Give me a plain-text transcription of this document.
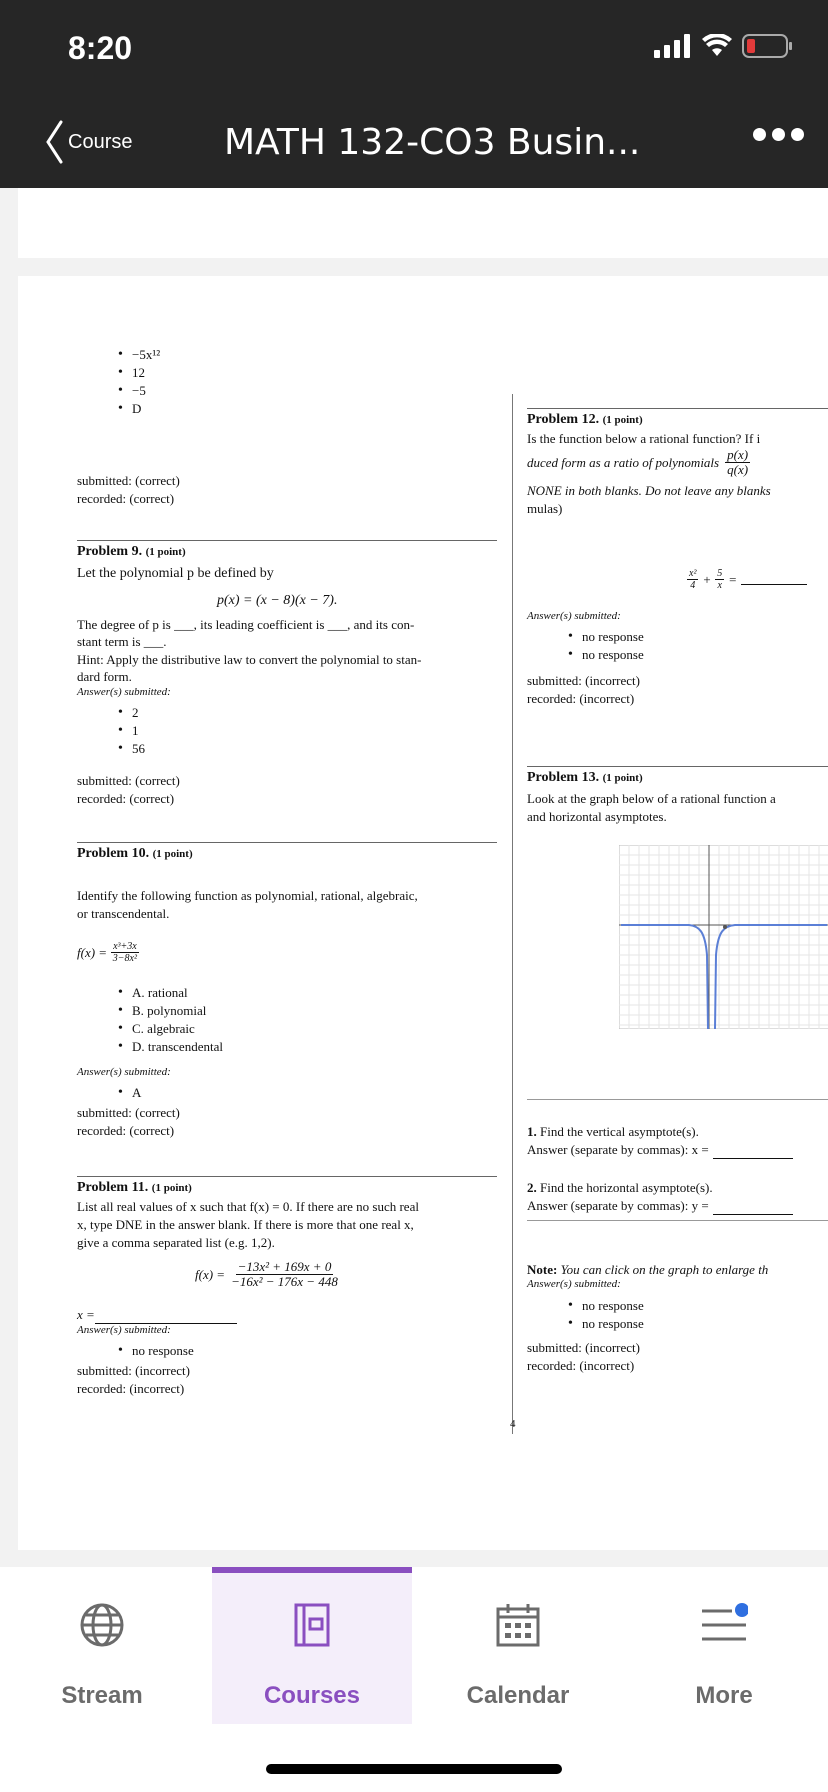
8:20
Course	MATH 132-CO3 Busin...
• −5x¹²
• 12
• −5
• D
submitted: (correct)
recorded: (correct)
Problem 9. (1 point)
Let the polynomial p be defined by
p(x) = (x − 8)(x − 7).
The degree of p is ___, its leading coefficient is ___, and its con-
stant term is ___.
Hint: Apply the distributive law to convert the polynomial to stan-
dard form.
Answer(s) submitted:
• 2
• 1
• 56
submitted: (correct)
recorded: (correct)
Problem 10. (1 point)
Identify the following function as polynomial, rational, algebraic,
or transcendental.
$f(x) = \frac{\text{x³+3x}}{\text{3−8x²}}$
• A. rational
• B. polynomial
• C. algebraic
• D. transcendental
Answer(s) submitted:
• A
submitted: (correct)
recorded: (correct)
Problem 11. (1 point)
List all real values of x such that f(x) = 0. If there are no such real
x, type DNE in the answer blank. If there is more that one real x,
give a comma separated list (e.g. 1,2).
$f(x) = \frac{\text{−13x² + 169x + 0}}{\text{−16x² − 176x − 448}}$
x =
Answer(s) submitted:
• no response
submitted: (incorrect)
recorded: (incorrect)
4
Problem 12. (1 point)
Is the function below a rational function? If i
duced form as a ratio of polynomials $\frac{p(x)}{q(x)}$
NONE in both blanks. Do not leave any blanks
mulas)
$\frac{\text{x²}}{4} + \frac{5}{x}$ =
Answer(s) submitted:
• no response
• no response
submitted: (incorrect)
recorded: (incorrect)
Problem 13. (1 point)
Look at the graph below of a rational function a
and horizontal asymptotes.
1. Find the vertical asymptote(s).
Answer (separate by commas): x =
2. Find the horizontal asymptote(s).
Answer (separate by commas): y =
Note: You can click on the graph to enlarge th
Answer(s) submitted:
• no response
• no response
submitted: (incorrect)
recorded: (incorrect)
Stream	Courses	Calendar	More
